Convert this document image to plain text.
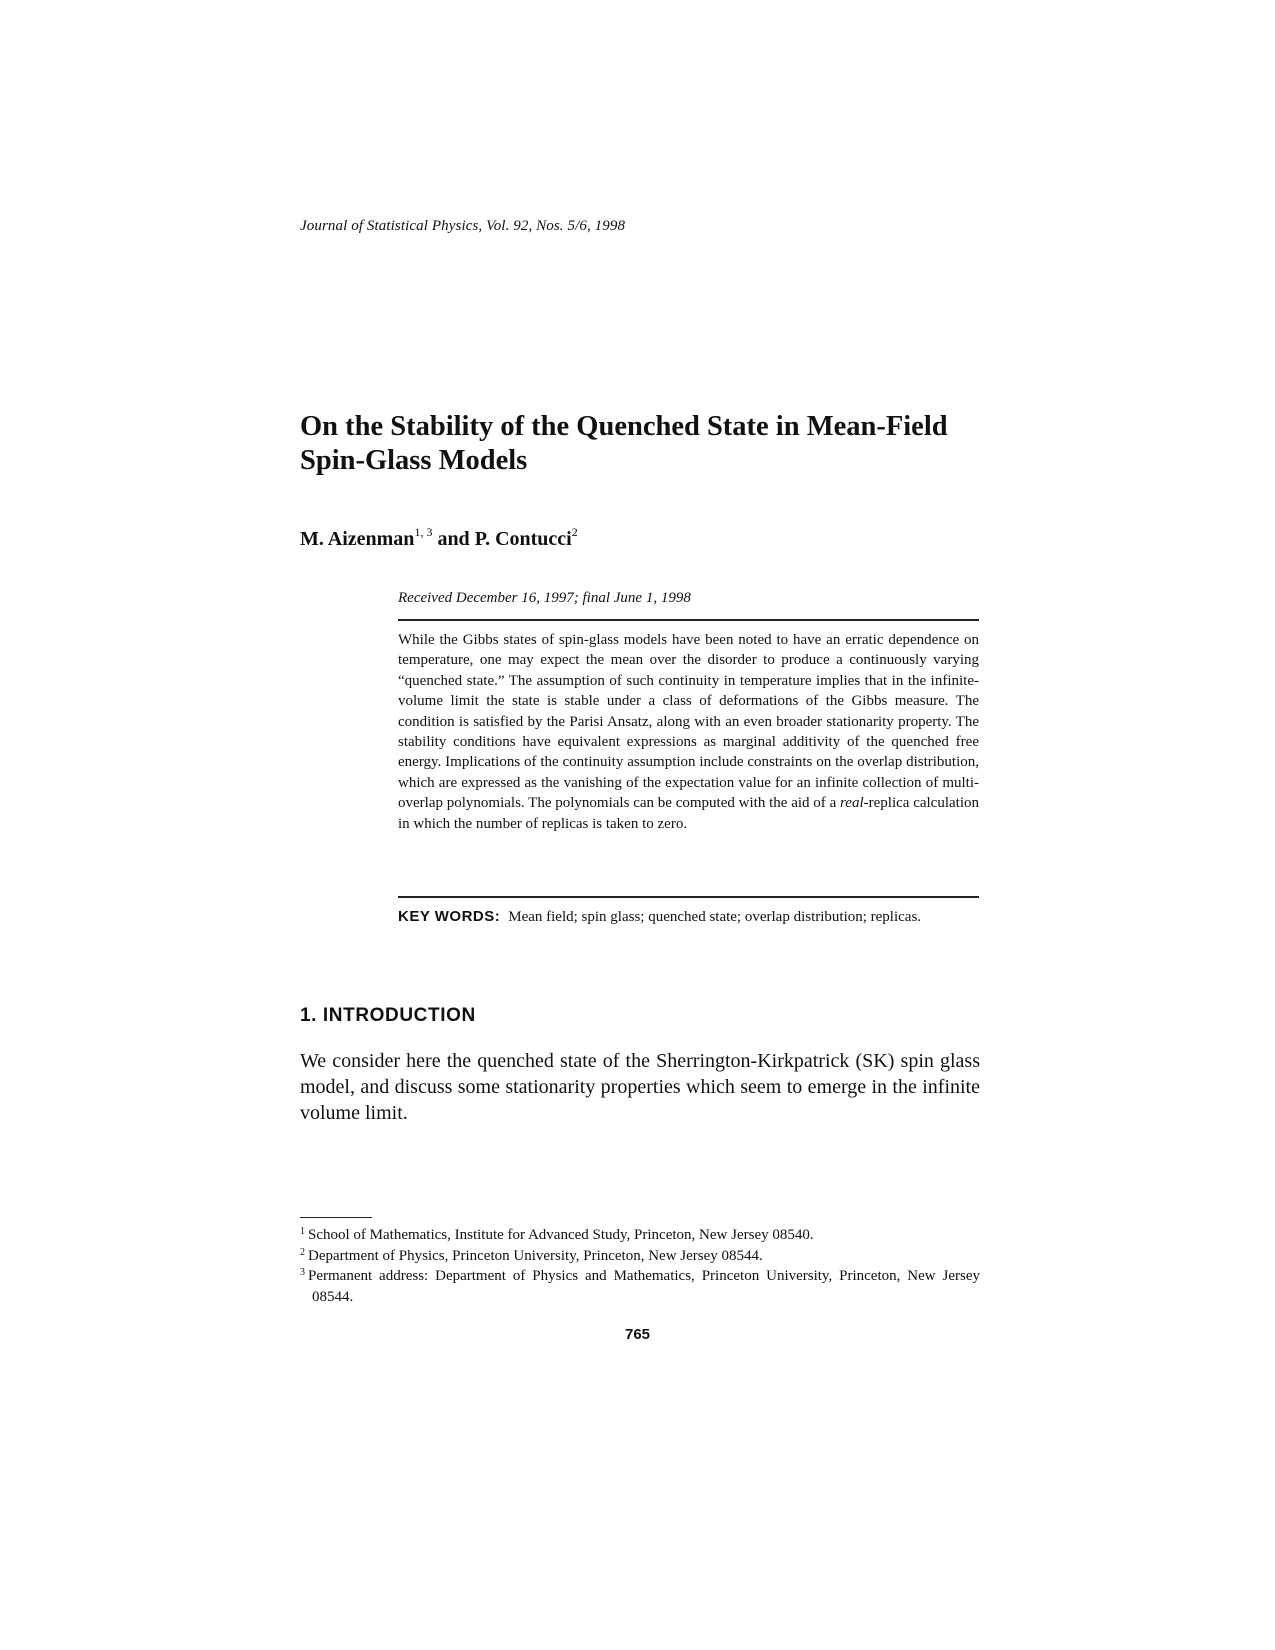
Journal of Statistical Physics, Vol. 92, Nos. 5/6, 1998
On the Stability of the Quenched State in Mean-Field Spin-Glass Models

M. Aizenman$^{1, 3}$ and P. Contucci$^2$

Received December 16, 1997; final June 1, 1998

While the Gibbs states of spin-glass models have been noted to have an erratic dependence on temperature, one may expect the mean over the disorder to produce a continuously varying “quenched state.” The assumption of such continuity in temperature implies that in the infinite-volume limit the state is stable under a class of deformations of the Gibbs measure. The condition is satisfied by the Parisi Ansatz, along with an even broader stationarity property. The stability conditions have equivalent expressions as marginal additivity of the quenched free energy. Implications of the continuity assumption include constraints on the overlap distribution, which are expressed as the vanishing of the expectation value for an infinite collection of multi- overlap polynomials. The polynomials can be computed with the aid of a real-replica calculation in which the number of replicas is taken to zero.

KEY WORDS: Mean field; spin glass; quenched state; overlap distribution; replicas.

1. INTRODUCTION

We consider here the quenched state of the Sherrington-Kirkpatrick (SK) spin glass model, and discuss some stationarity properties which seem to emerge in the infinite volume limit.

$^1$ School of Mathematics, Institute for Advanced Study, Princeton, New Jersey 08540.
$^2$ Department of Physics, Princeton University, Princeton, New Jersey 08544.
$^3$ Permanent address: Department of Physics and Mathematics, Princeton University, Princeton, New Jersey 08544.
765
